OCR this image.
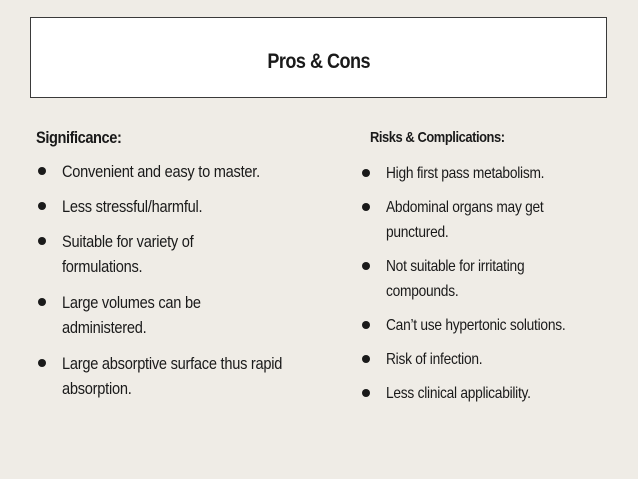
Pros & Cons
Significance:
Convenient and easy to master.
Less stressful/harmful.
Suitable for variety of formulations.
Large volumes can be administered.
Large absorptive surface thus rapid absorption.
Risks & Complications:
High first pass metabolism.
Abdominal organs may get punctured.
Not suitable for irritating compounds.
Can’t use hypertonic solutions.
Risk of infection.
Less clinical applicability.
